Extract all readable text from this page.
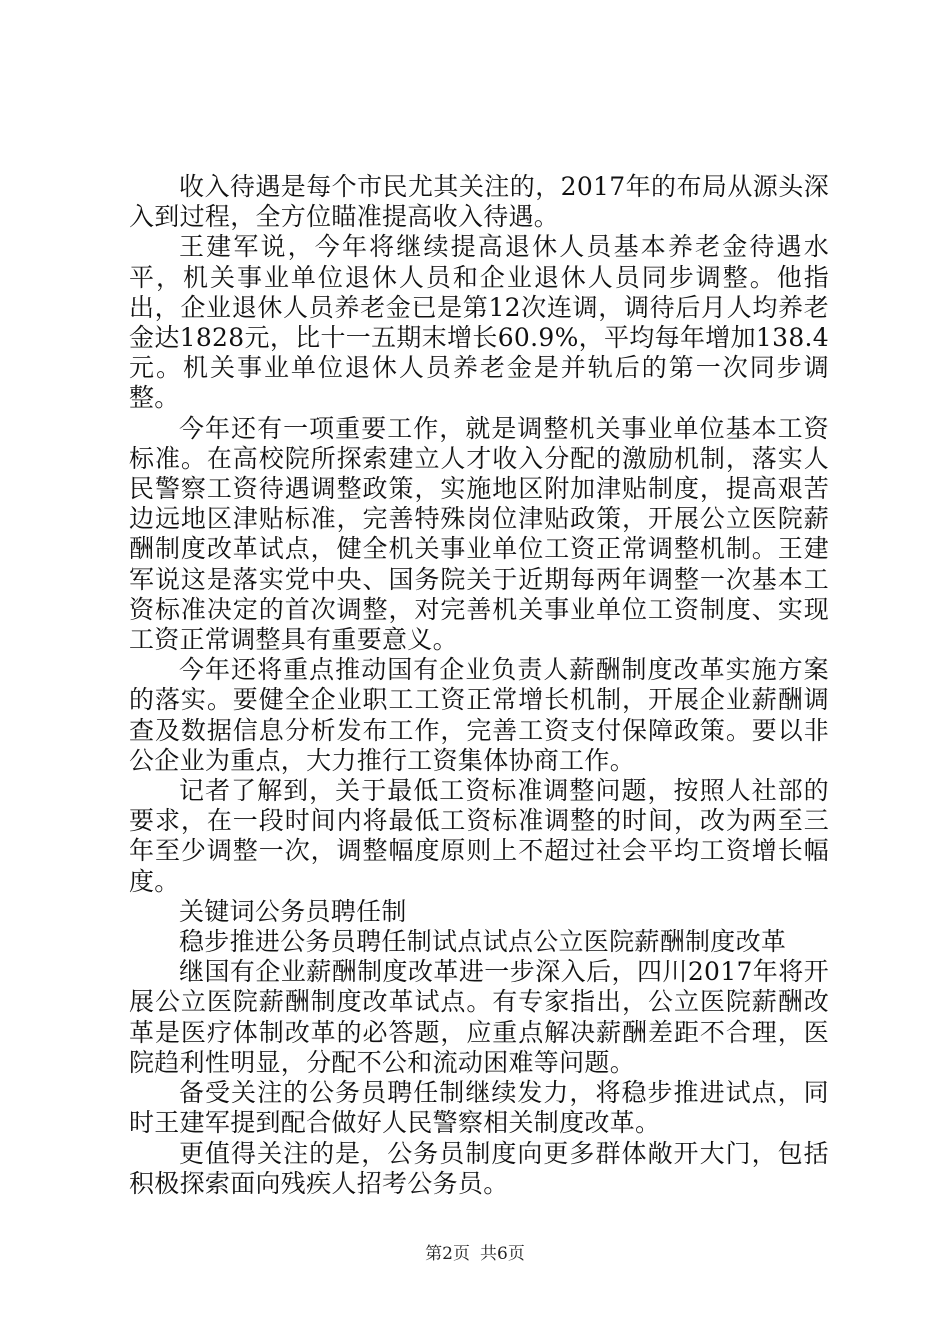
收入待遇是每个市民尤其关注的，2017年的布局从源头深入到过程，全方位瞄准提高收入待遇。

王建军说，今年将继续提高退休人员基本养老金待遇水平，机关事业单位退休人员和企业退休人员同步调整。他指出，企业退休人员养老金已是第12次连调，调待后月人均养老金达1828元，比十一五期末增长60.9%，平均每年增加138.4元。机关事业单位退休人员养老金是并轨后的第一次同步调整。

今年还有一项重要工作，就是调整机关事业单位基本工资标准。在高校院所探索建立人才收入分配的激励机制，落实人民警察工资待遇调整政策，实施地区附加津贴制度，提高艰苦边远地区津贴标准，完善特殊岗位津贴政策，开展公立医院薪酬制度改革试点，健全机关事业单位工资正常调整机制。王建军说这是落实党中央、国务院关于近期每两年调整一次基本工资标准决定的首次调整，对完善机关事业单位工资制度、实现工资正常调整具有重要意义。

今年还将重点推动国有企业负责人薪酬制度改革实施方案的落实。要健全企业职工工资正常增长机制，开展企业薪酬调查及数据信息分析发布工作，完善工资支付保障政策。要以非公企业为重点，大力推行工资集体协商工作。

记者了解到，关于最低工资标准调整问题，按照人社部的要求，在一段时间内将最低工资标准调整的时间，改为两至三年至少调整一次，调整幅度原则上不超过社会平均工资增长幅度。

关键词公务员聘任制

稳步推进公务员聘任制试点试点公立医院薪酬制度改革

继国有企业薪酬制度改革进一步深入后，四川2017年将开展公立医院薪酬制度改革试点。有专家指出，公立医院薪酬改革是医疗体制改革的必答题，应重点解决薪酬差距不合理，医院趋利性明显，分配不公和流动困难等问题。

备受关注的公务员聘任制继续发力，将稳步推进试点，同时王建军提到配合做好人民警察相关制度改革。

更值得关注的是，公务员制度向更多群体敞开大门，包括积极探索面向残疾人招考公务员。

第2页 共6页
